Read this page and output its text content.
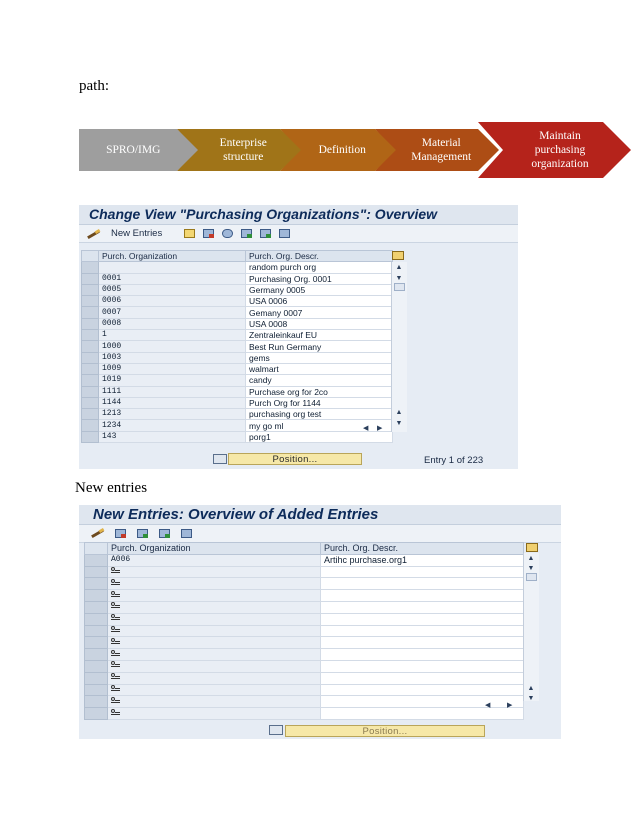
path:
SPRO/IMG
Enterprise
structure
Definition
Material
Management
Maintain
purchasing
organization
New entries
Change View "Purchasing Organizations": Overview
New Entries
	Purch. Organization	Purch. Org. Descr.
		random purch org
	0001	Purchasing Org. 0001
	0005	Germany 0005
	0006	USA 0006
	0007	Gemany 0007
	0008	USA 0008
	1	Zentraleinkauf EU
	1000	Best Run Germany
	1003	gems
	1009	walmart
	1019	candy
	1111	Purchase org for 2co
	1144	Purch Org for 1144
	1213	purchasing org test
	1234	my go ml
	143	porg1
▲
▼
▲
▼
◀ ▶
Position...	Entry 1 of 223
New Entries: Overview of Added Entries
	Purch. Organization	Purch. Org. Descr.
	A006	Artihc purchase.org1

			▲
▼
▲
▼
◀ ▶
Position...
